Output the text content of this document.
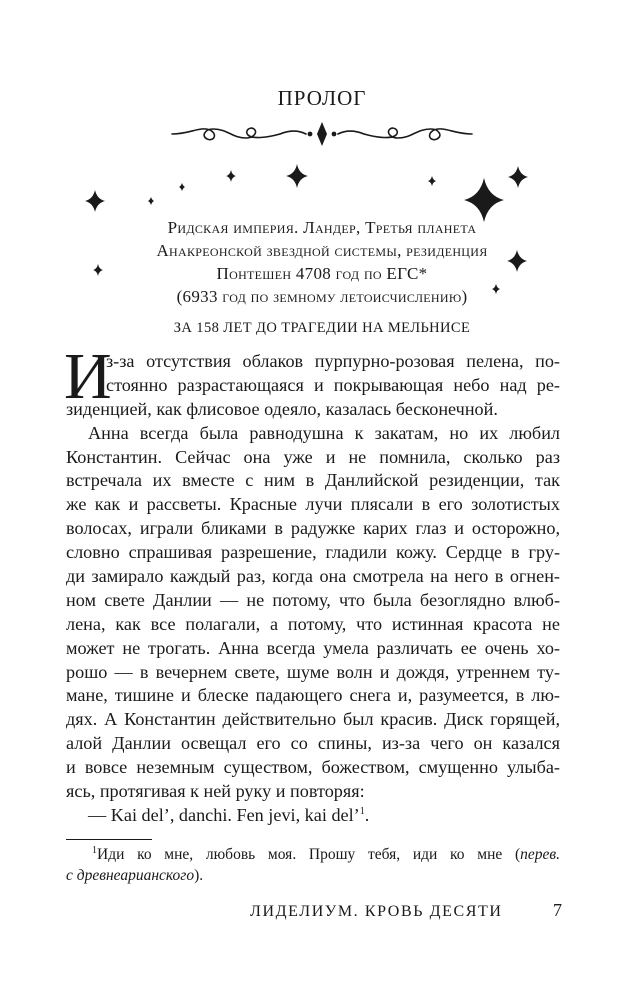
ПРОЛОГ
Ридская империя. Ландер, Третья планета
Анакреонской звездной системы, резиденция
Понтешен 4708 год по ЕГС*
(6933 год по земному летоисчислению)
ЗА 158 ЛЕТ ДО ТРАГЕДИИ НА МЕЛЬНИСЕ
И
з-за отсутствия облаков пурпурно-розовая пелена, по-
стоянно разрастающаяся и покрывающая небо над ре-
зиденцией, как флисовое одеяло, казалась бесконечной.
Анна всегда была равнодушна к закатам, но их любил
Константин. Сейчас она уже и не помнила, сколько раз
встречала их вместе с ним в Данлийской резиденции, так
же как и рассветы. Красные лучи плясали в его золотистых
волосах, играли бликами в радужке карих глаз и осторожно,
словно спрашивая разрешение, гладили кожу. Сердце в гру-
ди замирало каждый раз, когда она смотрела на него в огнен-
ном свете Данлии — не потому, что была безоглядно влюб-
лена, как все полагали, а потому, что истинная красота не
может не трогать. Анна всегда умела различать ее очень хо-
рошо — в вечернем свете, шуме волн и дождя, утреннем ту-
мане, тишине и блеске падающего снега и, разумеется, в лю-
дях. А Константин действительно был красив. Диск горящей,
алой Данлии освещал его со спины, из-за чего он казался
и вовсе неземным существом, божеством, смущенно улыба-
ясь, протягивая к ней руку и повторяя:
— Kai del’, danchi. Fen jevi, kai del’$^1$.
$^1$Иди ко мне, любовь моя. Прошу тебя, иди ко мне (перев.
с древнеарианского).
ЛИДЕЛИУМ. КРОВЬ ДЕСЯТИ	7
